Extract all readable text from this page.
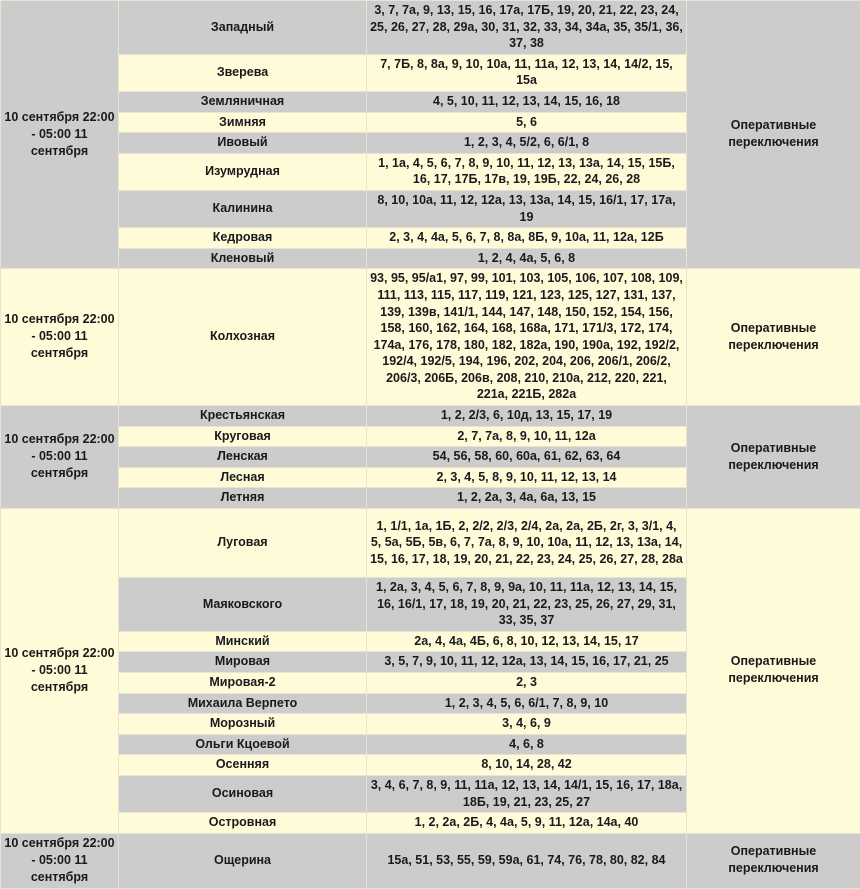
10 сентября 22:00 - 05:00 11 сентября	Западный	3, 7, 7а, 9, 13, 15, 16, 17а, 17Б, 19, 20, 21, 22, 23, 24, 25, 26, 27, 28, 29а, 30, 31, 32, 33, 34, 34а, 35, 35/1, 36, 37, 38	Оперативные переключения
	Зверева	7, 7Б, 8, 8а, 9, 10, 10а, 11, 11а, 12, 13, 14, 14/2, 15, 15а	
	Земляничная	4, 5, 10, 11, 12, 13, 14, 15, 16, 18	
	Зимняя	5, 6	
	Ивовый	1, 2, 3, 4, 5/2, 6, 6/1, 8	
	Изумрудная	1, 1а, 4, 5, 6, 7, 8, 9, 10, 11, 12, 13, 13а, 14, 15, 15Б, 16, 17, 17Б, 17в, 19, 19Б, 22, 24, 26, 28	
	Калинина	8, 10, 10а, 11, 12, 12а, 13, 13а, 14, 15, 16/1, 17, 17а, 19	
	Кедровая	2, 3, 4, 4а, 5, 6, 7, 8, 8а, 8Б, 9, 10а, 11, 12а, 12Б	
	Кленовый	1, 2, 4, 4а, 5, 6, 8	
10 сентября 22:00 - 05:00 11 сентября	Колхозная	93, 95, 95/а1, 97, 99, 101, 103, 105, 106, 107, 108, 109, 111, 113, 115, 117, 119, 121, 123, 125, 127, 131, 137, 139, 139в, 141/1, 144, 147, 148, 150, 152, 154, 156, 158, 160, 162, 164, 168, 168а, 171, 171/3, 172, 174, 174а, 176, 178, 180, 182, 182а, 190, 190а, 192, 192/2, 192/4, 192/5, 194, 196, 202, 204, 206, 206/1, 206/2, 206/3, 206Б, 206в, 208, 210, 210а, 212, 220, 221, 221а, 221Б, 282а	Оперативные переключения
10 сентября 22:00 - 05:00 11 сентября	Крестьянская	1, 2, 2/3, 6, 10д, 13, 15, 17, 19	Оперативные переключения
	Круговая	2, 7, 7а, 8, 9, 10, 11, 12а	
	Ленская	54, 56, 58, 60, 60а, 61, 62, 63, 64	
	Лесная	2, 3, 4, 5, 8, 9, 10, 11, 12, 13, 14	
	Летняя	1, 2, 2а, 3, 4а, 6а, 13, 15	
10 сентября 22:00 - 05:00 11 сентября	Луговая	1, 1/1, 1а, 1Б, 2, 2/2, 2/3, 2/4, 2а, 2а, 2Б, 2г, 3, 3/1, 4, 5, 5а, 5Б, 5в, 6, 7, 7а, 8, 9, 10, 10а, 11, 12, 13, 13а, 14, 15, 16, 17, 18, 19, 20, 21, 22, 23, 24, 25, 26, 27, 28, 28а	Оперативные переключения
	Маяковского	1, 2а, 3, 4, 5, 6, 7, 8, 9, 9а, 10, 11, 11а, 12, 13, 14, 15, 16, 16/1, 17, 18, 19, 20, 21, 22, 23, 25, 26, 27, 29, 31, 33, 35, 37	
	Минский	2а, 4, 4а, 4Б, 6, 8, 10, 12, 13, 14, 15, 17	
	Мировая	3, 5, 7, 9, 10, 11, 12, 12а, 13, 14, 15, 16, 17, 21, 25	
	Мировая-2	2, 3	
	Михаила Верпето	1, 2, 3, 4, 5, 6, 6/1, 7, 8, 9, 10	
	Морозный	3, 4, 6, 9	
	Ольги Кцоевой	4, 6, 8	
	Осенняя	8, 10, 14, 28, 42	
	Осиновая	3, 4, 6, 7, 8, 9, 11, 11а, 12, 13, 14, 14/1, 15, 16, 17, 18а, 18Б, 19, 21, 23, 25, 27	
	Островная	1, 2, 2а, 2Б, 4, 4а, 5, 9, 11, 12а, 14а, 40	
10 сентября 22:00 - 05:00 11 сентября	Ощерина	15а, 51, 53, 55, 59, 59а, 61, 74, 76, 78, 80, 82, 84	Оперативные переключения
